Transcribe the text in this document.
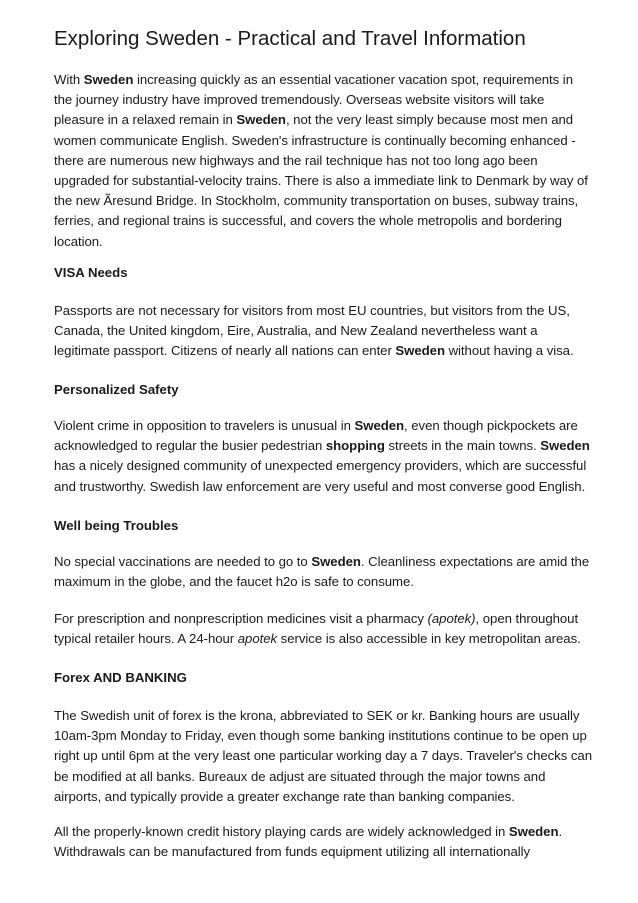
Exploring Sweden - Practical and Travel Information
With Sweden increasing quickly as an essential vacationer vacation spot, requirements in
the journey industry have improved tremendously. Overseas website visitors will take
pleasure in a relaxed remain in Sweden, not the very least simply because most men and
women communicate English. Sweden's infrastructure is continually becoming enhanced -
there are numerous new highways and the rail technique has not too long ago been
upgraded for substantial-velocity trains. There is also a immediate link to Denmark by way of
the new Ãresund Bridge. In Stockholm, community transportation on buses, subway trains,
ferries, and regional trains is successful, and covers the whole metropolis and bordering
location.
VISA Needs
Passports are not necessary for visitors from most EU countries, but visitors from the US,
Canada, the United kingdom, Eire, Australia, and New Zealand nevertheless want a
legitimate passport. Citizens of nearly all nations can enter Sweden without having a visa.
Personalized Safety
Violent crime in opposition to travelers is unusual in Sweden, even though pickpockets are
acknowledged to regular the busier pedestrian shopping streets in the main towns. Sweden
has a nicely designed community of unexpected emergency providers, which are successful
and trustworthy. Swedish law enforcement are very useful and most converse good English.
Well being Troubles
No special vaccinations are needed to go to Sweden. Cleanliness expectations are amid the
maximum in the globe, and the faucet h2o is safe to consume.
For prescription and nonprescription medicines visit a pharmacy (apotek), open throughout
typical retailer hours. A 24-hour apotek service is also accessible in key metropolitan areas.
Forex AND BANKING
The Swedish unit of forex is the krona, abbreviated to SEK or kr. Banking hours are usually
10am-3pm Monday to Friday, even though some banking institutions continue to be open up
right up until 6pm at the very least one particular working day a 7 days. Traveler's checks can
be modified at all banks. Bureaux de adjust are situated through the major towns and
airports, and typically provide a greater exchange rate than banking companies.
All the properly-known credit history playing cards are widely acknowledged in Sweden.
Withdrawals can be manufactured from funds equipment utilizing all internationally
